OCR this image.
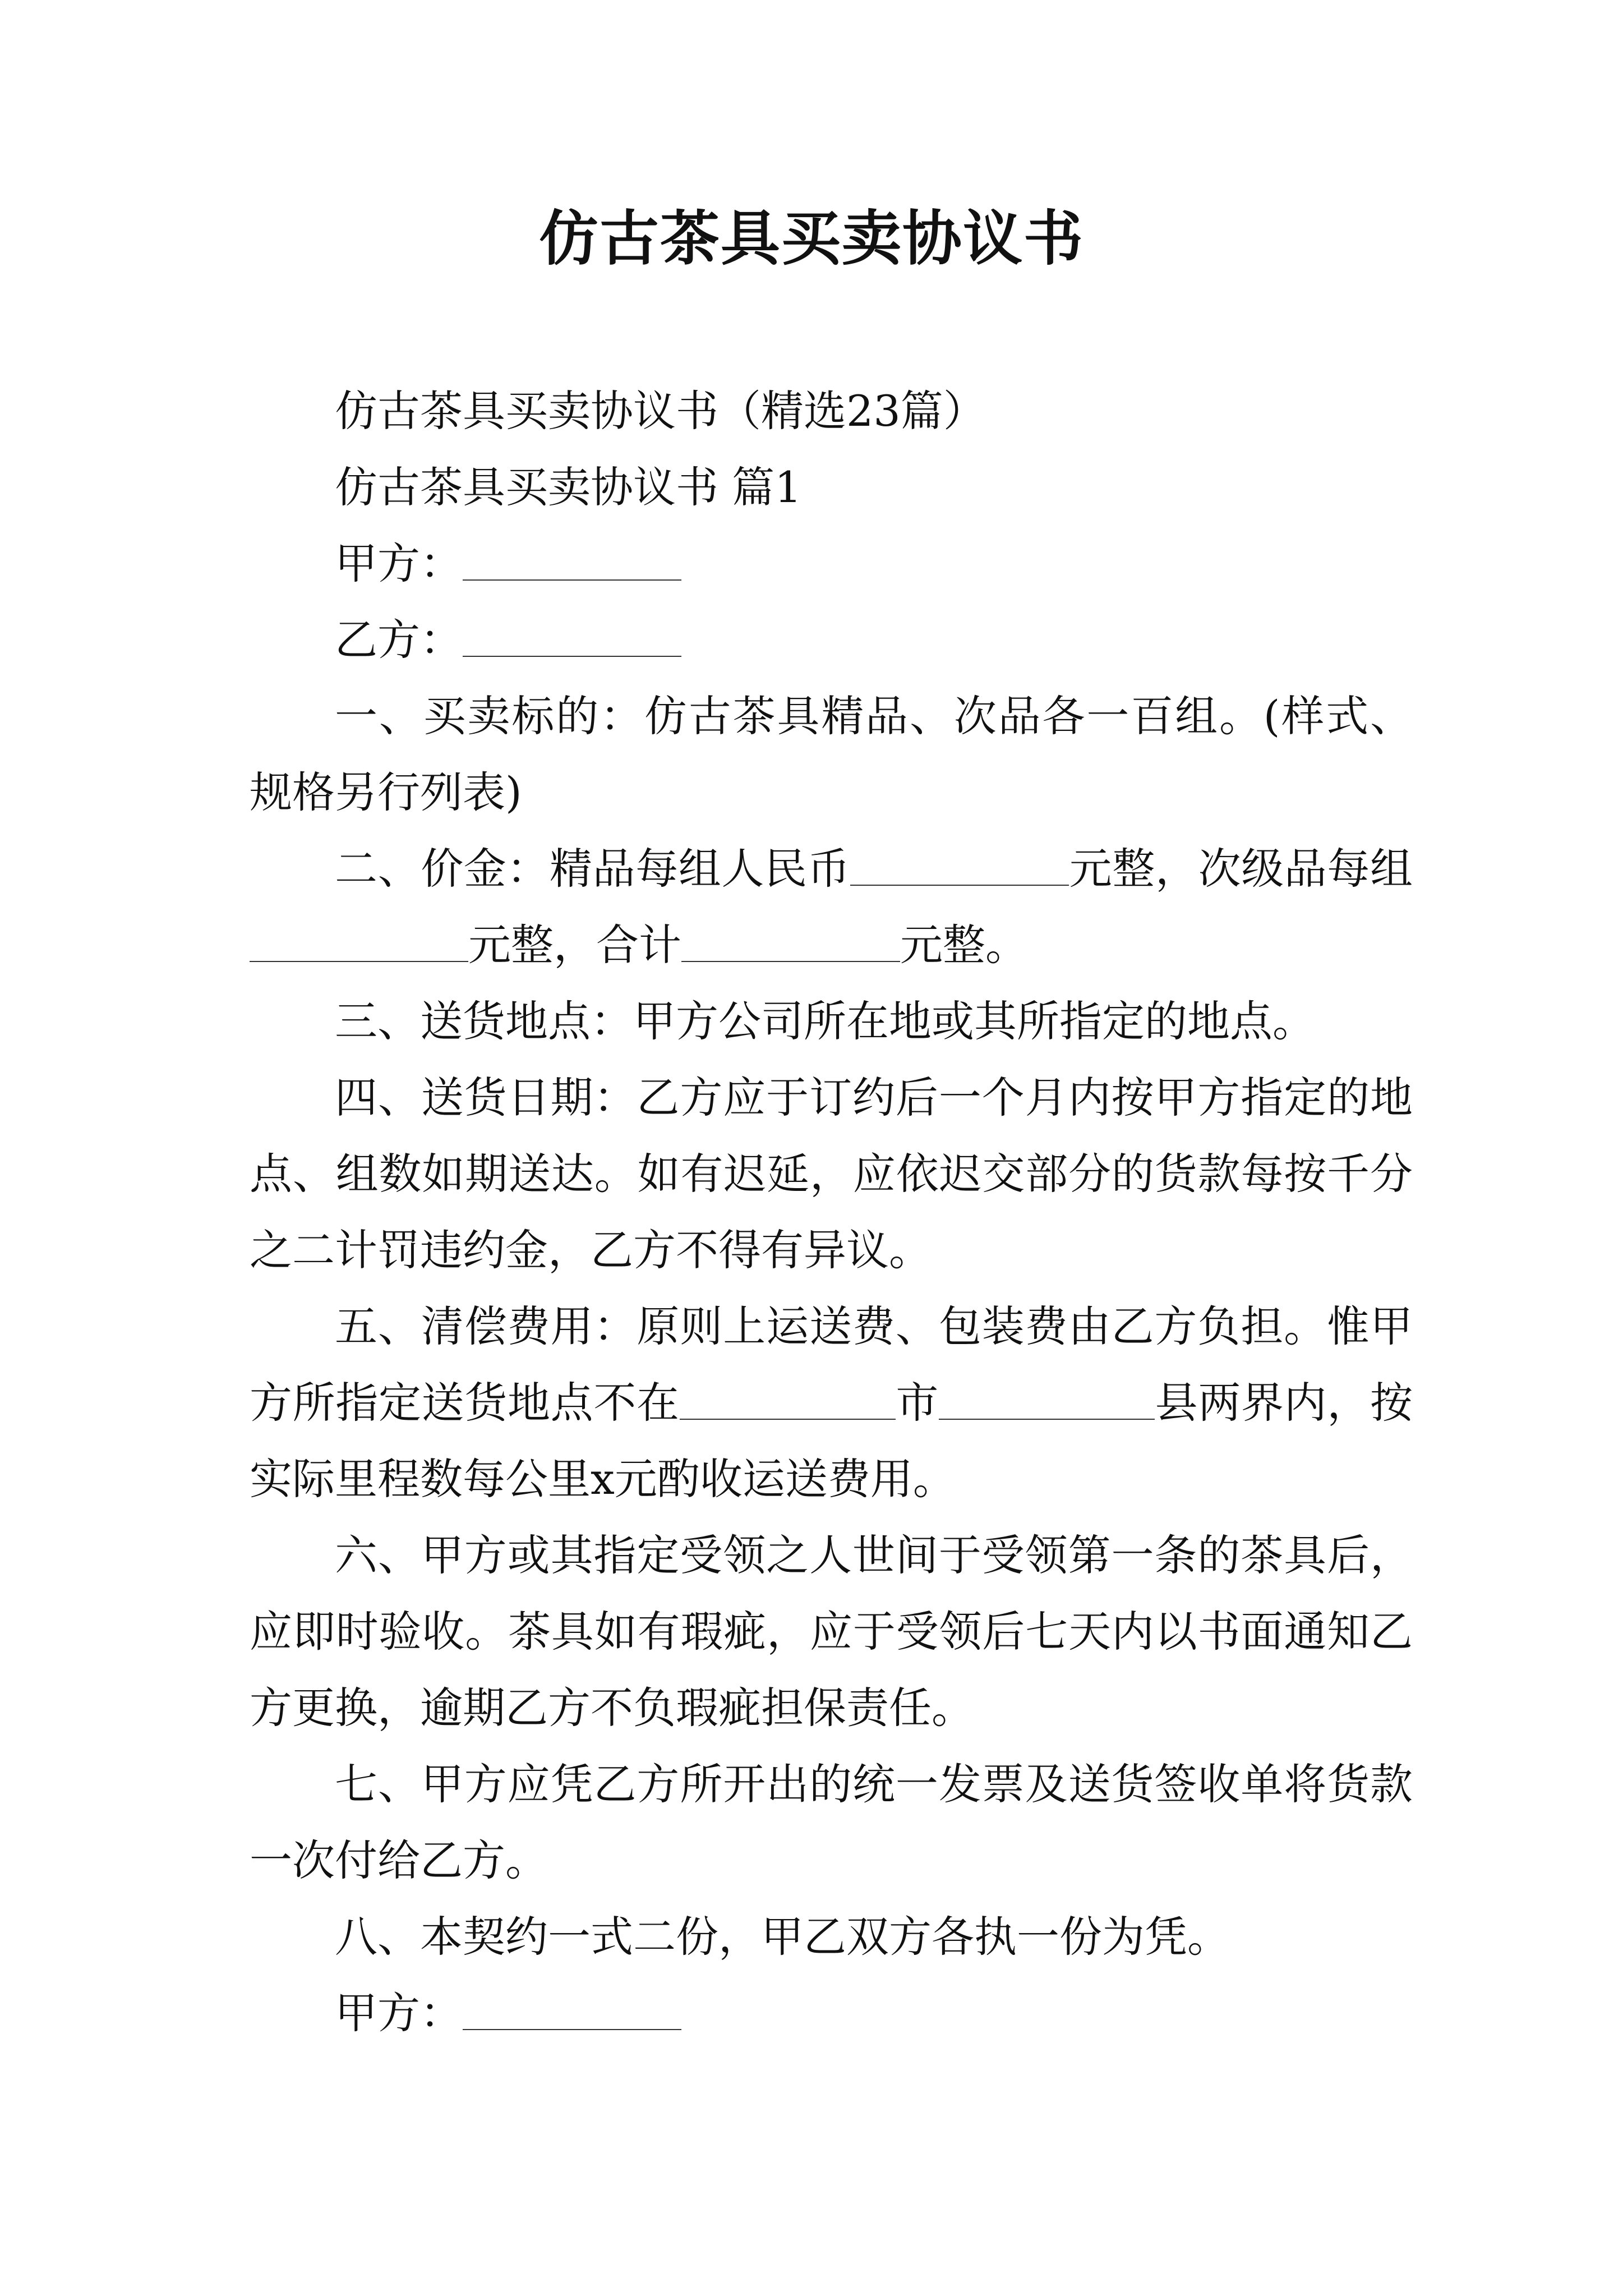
仿古茶具买卖协议书

仿古茶具买卖协议书（精选23篇）

仿古茶具买卖协议书 篇1

甲方：

乙方：

一、买卖标的：仿古茶具精品、次品各一百组。(样式、规格另行列表)

二、价金：精品每组人民币	元整，次级品每组元整，合计	元整。

三、送货地点：甲方公司所在地或其所指定的地点。

四、送货日期：乙方应于订约后一个月内按甲方指定的地点、组数如期送达。如有迟延，应依迟交部分的货款每按千分之二计罚违约金，乙方不得有异议。

五、清偿费用：原则上运送费、包装费由乙方负担。惟甲方所指定送货地点不在	市	县两界内，按实际里程数每公里x元酌收运送费用。

六、甲方或其指定受领之人世间于受领第一条的茶具后，应即时验收。茶具如有瑕疵，应于受领后七天内以书面通知乙方更换，逾期乙方不负瑕疵担保责任。

七、甲方应凭乙方所开出的统一发票及送货签收单将货款一次付给乙方。

八、本契约一式二份，甲乙双方各执一份为凭。

甲方：
